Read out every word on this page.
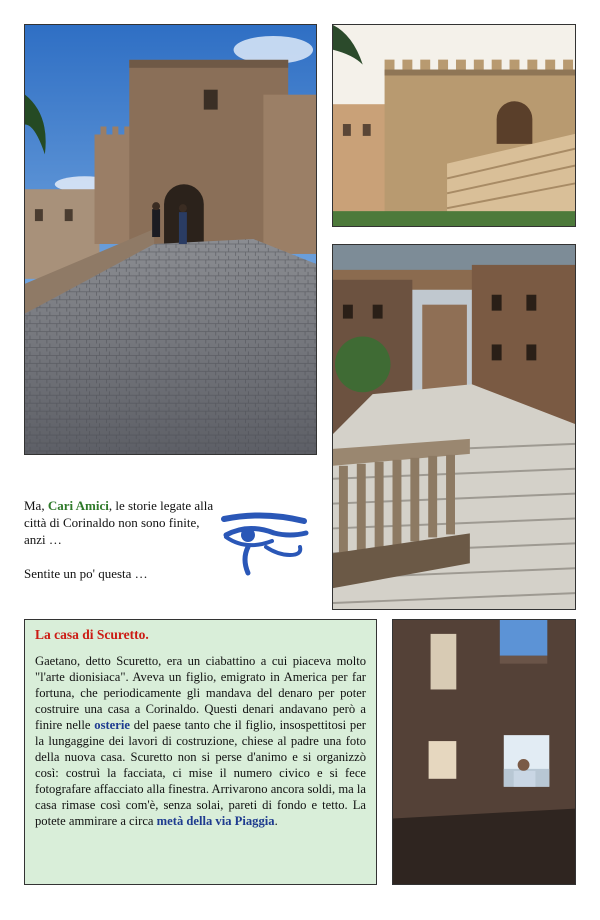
Ma, Cari Amici, le storie legate alla città di Corinaldo non sono finite, anzi …

Sentite un po' questa …

La casa di Scuretto.

Gaetano, detto Scuretto, era un ciabattino a cui piaceva molto "l'arte dionisiaca". Aveva un figlio, emigrato in America per far fortuna, che periodicamente gli mandava del denaro per poter costruire una casa a Corinaldo. Questi denari andavano però a finire nelle osterie del paese tanto che il figlio, insospettitosi per la lungaggine dei lavori di costruzione, chiese al padre una foto della nuova casa. Scuretto non si perse d'animo e si organizzò così: costruì la facciata, ci mise il numero civico e si fece fotografare affacciato alla finestra. Arrivarono ancora soldi, ma la casa rimase così com'è, senza solai, pareti di fondo e tetto. La potete ammirare a circa metà della via Piaggia.
